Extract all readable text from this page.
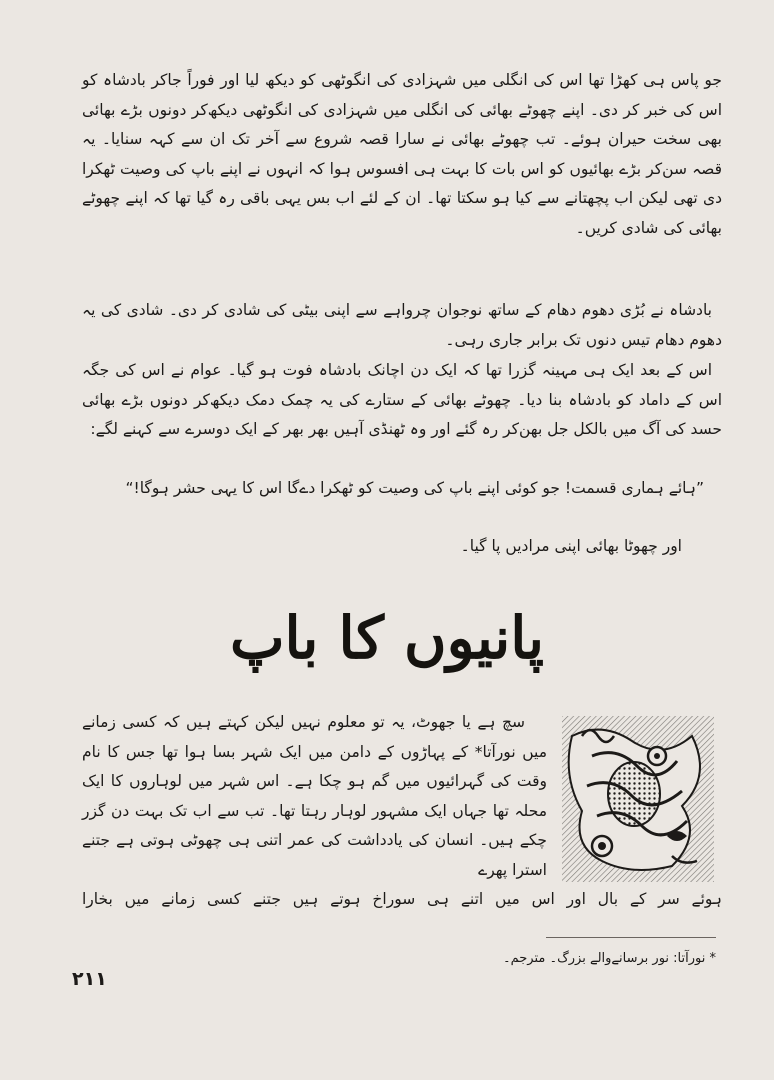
جو پاس ہی کھڑا تھا اس کی انگلی میں شہزادی کی انگوٹھی کو دیکھ لیا اور فوراً جاکر بادشاہ کو اس کی خبر کر دی۔ اپنے چھوٹے بھائی کی انگلی میں شہزادی کی انگوٹھی دیکھ‌کر دونوں بڑے بھائی بھی سخت حیران ہوئے۔ تب چھوٹے بھائی نے سارا قصہ شروع سے آخر تک ان سے کہہ سنایا۔ یہ قصہ سن‌کر بڑے بھائیوں کو اس بات کا بہت ہی افسوس ہوا کہ انہوں نے اپنے باپ کی وصیت ٹھکرا دی تھی لیکن اب پچھتانے سے کیا ہو سکتا تھا۔ ان کے لئے اب بس یہی باقی رہ گیا تھا کہ اپنے چھوٹے بھائی کی شادی کریں۔

بادشاہ نے بُڑی دھوم دھام کے ساتھ نوجوان چرواہے سے اپنی بیٹی کی شادی کر دی۔ شادی کی یہ دھوم دھام تیس دنوں تک برابر جاری رہی۔

اس کے بعد ایک ہی مہینہ گزرا تھا کہ ایک دن اچانک بادشاہ فوت ہو گیا۔ عوام نے اس کی جگہ اس کے داماد کو بادشاہ بنا دیا۔ چھوٹے بھائی کے ستارے کی یہ چمک دمک دیکھ‌کر دونوں بڑے بھائی حسد کی آگ میں بالکل جل بھن‌کر رہ گئے اور وہ ٹھنڈی آہیں بھر بھر کے ایک دوسرے سے کہنے لگے:

”ہائے ہماری قسمت! جو کوئی اپنے باپ کی وصیت کو ٹھکرا دےگا اس کا یہی حشر ہوگا!“

اور چھوٹا بھائی اپنی مرادیں پا گیا۔

پانیوں کا باپ

سچ ہے یا جھوٹ، یہ تو معلوم نہیں لیکن کہتے ہیں کہ کسی زمانے میں نورآتا* کے پہاڑوں کے دامن میں ایک شہر بسا ہوا تھا جس کا نام وقت کی گہرائیوں میں گم ہو چکا ہے۔ اس شہر میں لوہاروں کا ایک محلہ تھا جہاں ایک مشہور لوہار رہتا تھا۔ تب سے اب تک بہت دن گزر چکے ہیں۔ انسان کی یادداشت کی عمر اتنی ہی چھوٹی ہوتی ہے جتنے استرا پھرے

ہوئے سر کے بال اور اس میں اتنے ہی سوراخ ہوتے ہیں جتنے کسی زمانے میں بخارا
* نورآتا: نور برسانےوالے بزرگ۔ مترجم۔
۲۱۱
